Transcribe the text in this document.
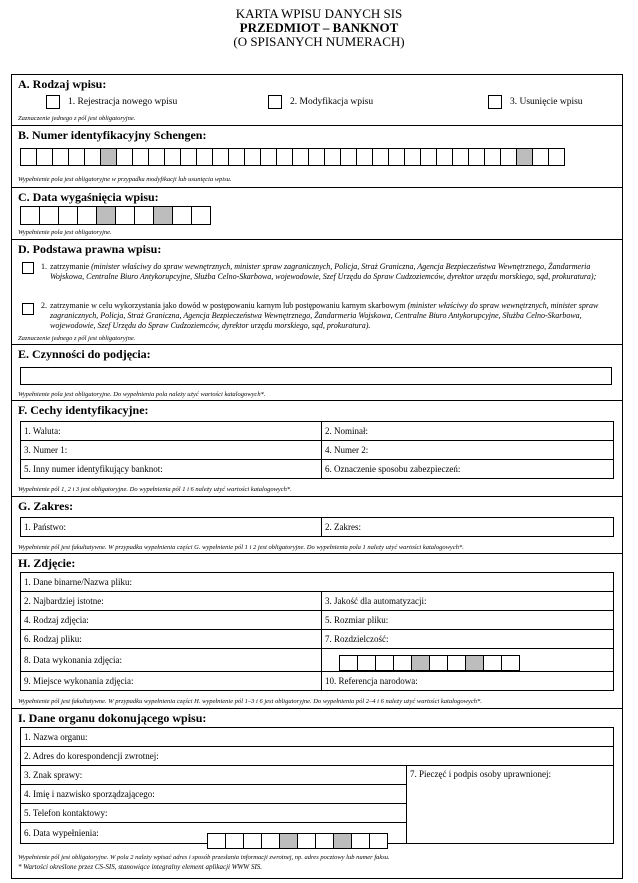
KARTA WPISU DANYCH SIS
PRZEDMIOT – BANKNOT
(O SPISANYCH NUMERACH)
A. Rodzaj wpisu:
1. Rejestracja nowego wpisu	2. Modyfikacja wpisu	3. Usunięcie wpisu
Zaznaczenie jednego z pól jest obligatoryjne.
B. Numer identyfikacyjny Schengen:
Wypełnienie pola jest obligatoryjne w przypadku modyfikacji lub usunięcia wpisu.
C. Data wygaśnięcia wpisu:
Wypełnienie pola jest obligatoryjne.
D. Podstawa prawna wpisu:
1. zatrzymanie (minister właściwy do spraw wewnętrznych, minister spraw zagranicznych, Policja, Straż Graniczna, Agencja Bezpieczeństwa Wewnętrznego, Żandarmeria Wojskowa, Centralne Biuro Antykorupcyjne, Służba Celno-Skarbowa, wojewodowie, Szef Urzędu do Spraw Cudzoziemców, dyrektor urzędu morskiego, sąd, prokuratura);
2. zatrzymanie w celu wykorzystania jako dowód w postępowaniu karnym lub postępowaniu karnym skarbowym (minister właściwy do spraw wewnętrznych, minister spraw zagranicznych, Policja, Straż Graniczna, Agencja Bezpieczeństwa Wewnętrznego, Żandarmeria Wojskowa, Centralne Biuro Antykorupcyjne, Służba Celno-Skarbowa, wojewodowie, Szef Urzędu do Spraw Cudzoziemców, dyrektor urzędu morskiego, sąd, prokuratura).
Zaznaczenie jednego z pól jest obligatoryjne.
E. Czynności do podjęcia:
Wypełnienie pola jest obligatoryjne. Do wypełnienia pola należy użyć wartości katalogowych*.
F. Cechy identyfikacyjne:
1. Waluta:	2. Nominał:
3. Numer 1:	4. Numer 2:
5. Inny numer identyfikujący banknot:	6. Oznaczenie sposobu zabezpieczeń:
Wypełnienie pól 1, 2 i 3 jest obligatoryjne. Do wypełnienia pól 1 i 6 należy użyć wartości katalogowych*.
G. Zakres:
1. Państwo:	2. Zakres:
Wypełnienie pól jest fakultatywne. W przypadku wypełnienia części G. wypełnienie pól 1 i 2 jest obligatoryjne. Do wypełnienia pola 1 należy użyć wartości katalogowych*.
H. Zdjęcie:
1. Dane binarne/Nazwa pliku:	
2. Najbardziej istotne:	3. Jakość dla automatyzacji:
4. Rodzaj zdjęcia:	5. Rozmiar pliku:
6. Rodzaj pliku:	7. Rozdzielczość:
8. Data wykonania zdjęcia:

9. Miejsce wykonania zdjęcia:	10. Referencja narodowa:
Wypełnienie pól jest fakultatywne. W przypadku wypełnienia części H. wypełnienie pól 1–3 i 6 jest obligatoryjne. Do wypełnienia pól 2–4 i 6 należy użyć wartości katalogowych*.
I. Dane organu dokonującego wpisu:
1. Nazwa organu:
2. Adres do korespondencji zwrotnej:
3. Znak sprawy:	7. Pieczęć i podpis osoby uprawnionej:
4. Imię i nazwisko sporządzającego:
5. Telefon kontaktowy:
6. Data wypełnienia:
Wypełnienie pól jest obligatoryjne. W polu 2 należy wpisać adres i sposób przesłania informacji zwrotnej, np. adres pocztowy lub numer faksu.
* Wartości określone przez CS-SIS, stanowiące integralny element aplikacji WWW SIS.
